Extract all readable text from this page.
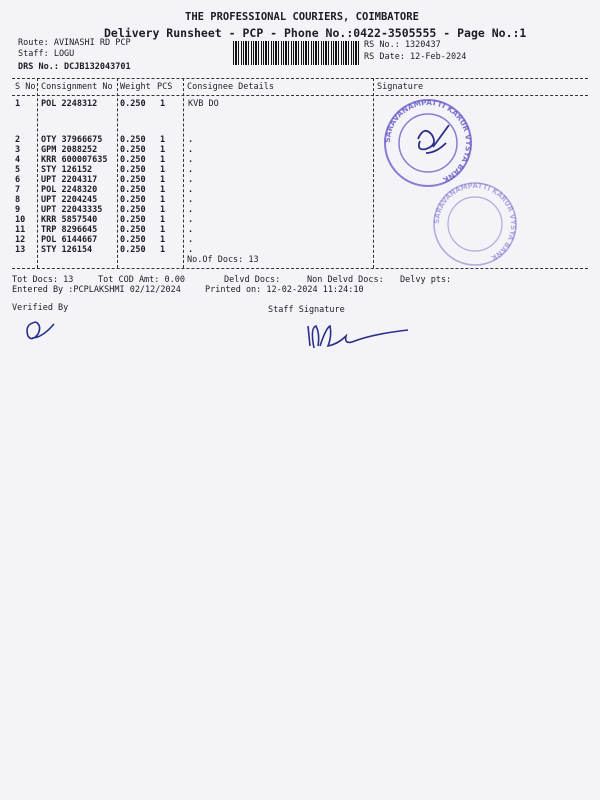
THE PROFESSIONAL COURIERS, COIMBATORE
Delivery Runsheet - PCP - Phone No.:0422-3505555 - Page No.:1
Route: AVINASHI RD PCP
Staff: LOGU
DRS No.: DCJB132043701
RS No.: 1320437
RS Date: 12-Feb-2024
S No Consignment No Weight PCS Consignee Details	Signature
1 POL 2248312	0.250 1	KVB DO
2 OTY 37966675 0.250 1	.
3 GPM 2088252	0.250 1	.
4 KRR 600007635 0.250 1	.
5 STY 126152	0.250 1	.
6 UPT 2204317	0.250 1	.
7 POL 2248320	0.250 1	.
8 UPT 2204245	0.250 1	.
9 UPT 22043335 0.250 1	.
10 KRR 5857540	0.250 1	.
11 TRP 8296645	0.250 1	.
12 POL 6144667	0.250 1	.
13 STY 126154	0.250 1	.
No.Of Docs: 13
SARAVANAMPATTI KARUR VYSYA BANK
SARAVANAMPATTI KARUR VYSYA BANK
Tot Docs: 13	Tot COD Amt: 0.00	Delvd Docs:	Non Delvd Docs: Delvy pts:
Entered By :PCPLAKSHMI 02/12/2024	Printed on: 12-02-2024 11:24:10
Verified By	Staff Signature
